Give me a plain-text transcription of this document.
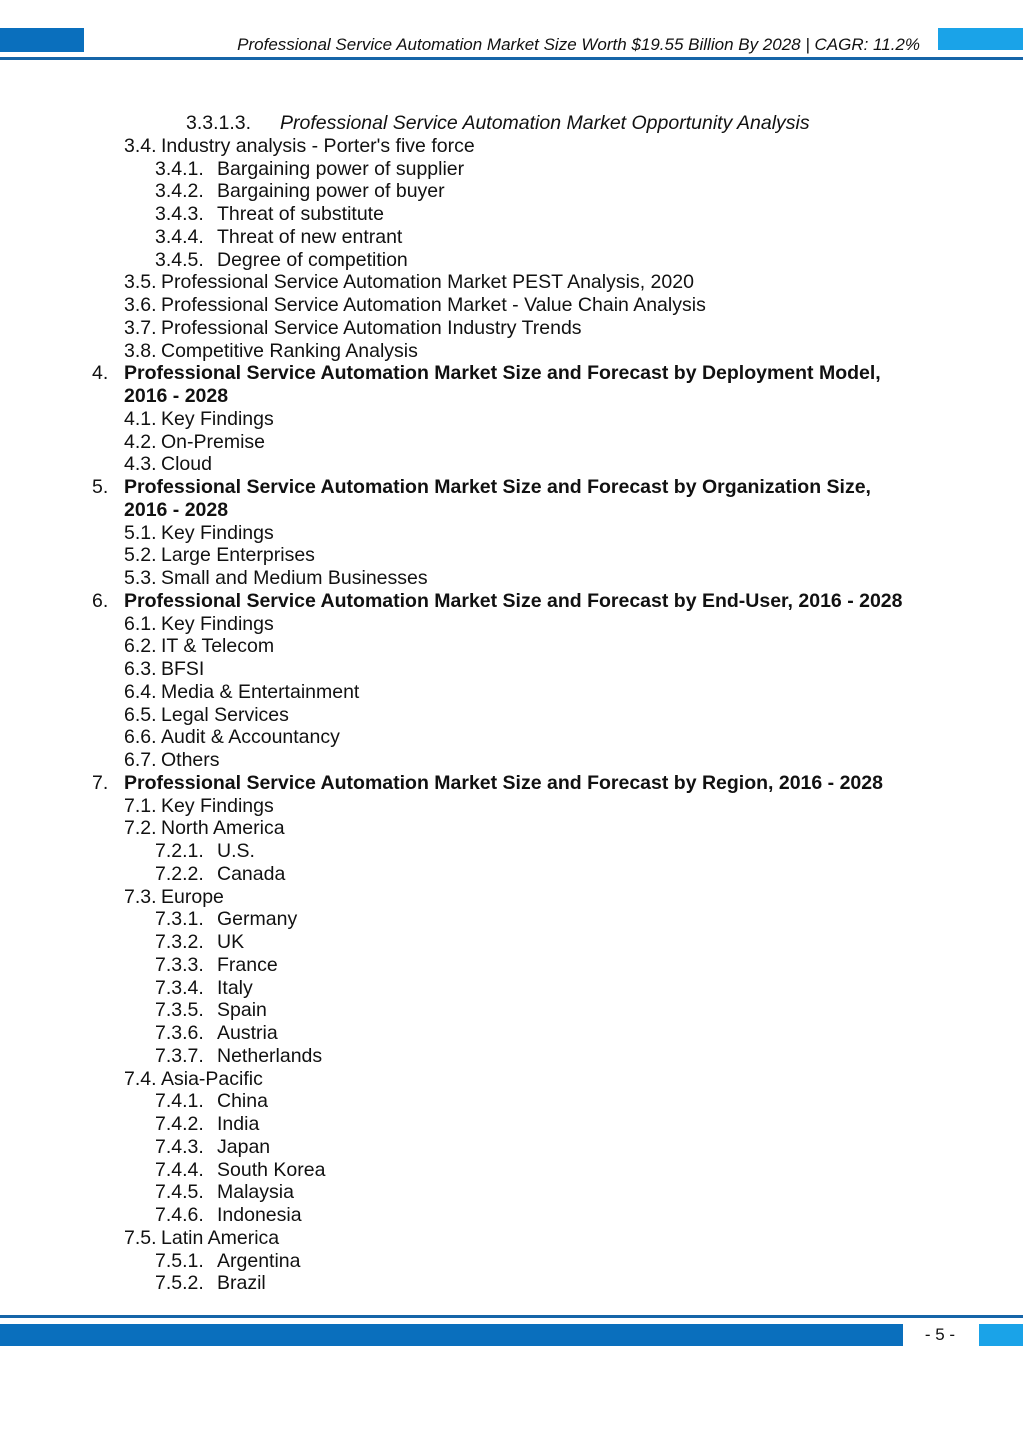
Professional Service Automation Market Size Worth $19.55 Billion By 2028 | CAGR: 11.2%
3.3.1.3. Professional Service Automation Market Opportunity Analysis
3.4. Industry analysis - Porter's five force
3.4.1. Bargaining power of supplier
3.4.2. Bargaining power of buyer
3.4.3. Threat of substitute
3.4.4. Threat of new entrant
3.4.5. Degree of competition
3.5. Professional Service Automation Market PEST Analysis, 2020
3.6. Professional Service Automation Market - Value Chain Analysis
3.7. Professional Service Automation Industry Trends
3.8. Competitive Ranking Analysis
4. Professional Service Automation Market Size and Forecast by Deployment Model,
2016 - 2028
4.1. Key Findings
4.2. On-Premise
4.3. Cloud
5. Professional Service Automation Market Size and Forecast by Organization Size,
2016 - 2028
5.1. Key Findings
5.2. Large Enterprises
5.3. Small and Medium Businesses
6. Professional Service Automation Market Size and Forecast by End-User, 2016 - 2028
6.1. Key Findings
6.2. IT & Telecom
6.3. BFSI
6.4. Media & Entertainment
6.5. Legal Services
6.6. Audit & Accountancy
6.7. Others
7. Professional Service Automation Market Size and Forecast by Region, 2016 - 2028
7.1. Key Findings
7.2. North America
7.2.1. U.S.
7.2.2. Canada
7.3. Europe
7.3.1. Germany
7.3.2. UK
7.3.3. France
7.3.4. Italy
7.3.5. Spain
7.3.6. Austria
7.3.7. Netherlands
7.4. Asia-Pacific
7.4.1. China
7.4.2. India
7.4.3. Japan
7.4.4. South Korea
7.4.5. Malaysia
7.4.6. Indonesia
7.5. Latin America
7.5.1. Argentina
7.5.2. Brazil
- 5 -
